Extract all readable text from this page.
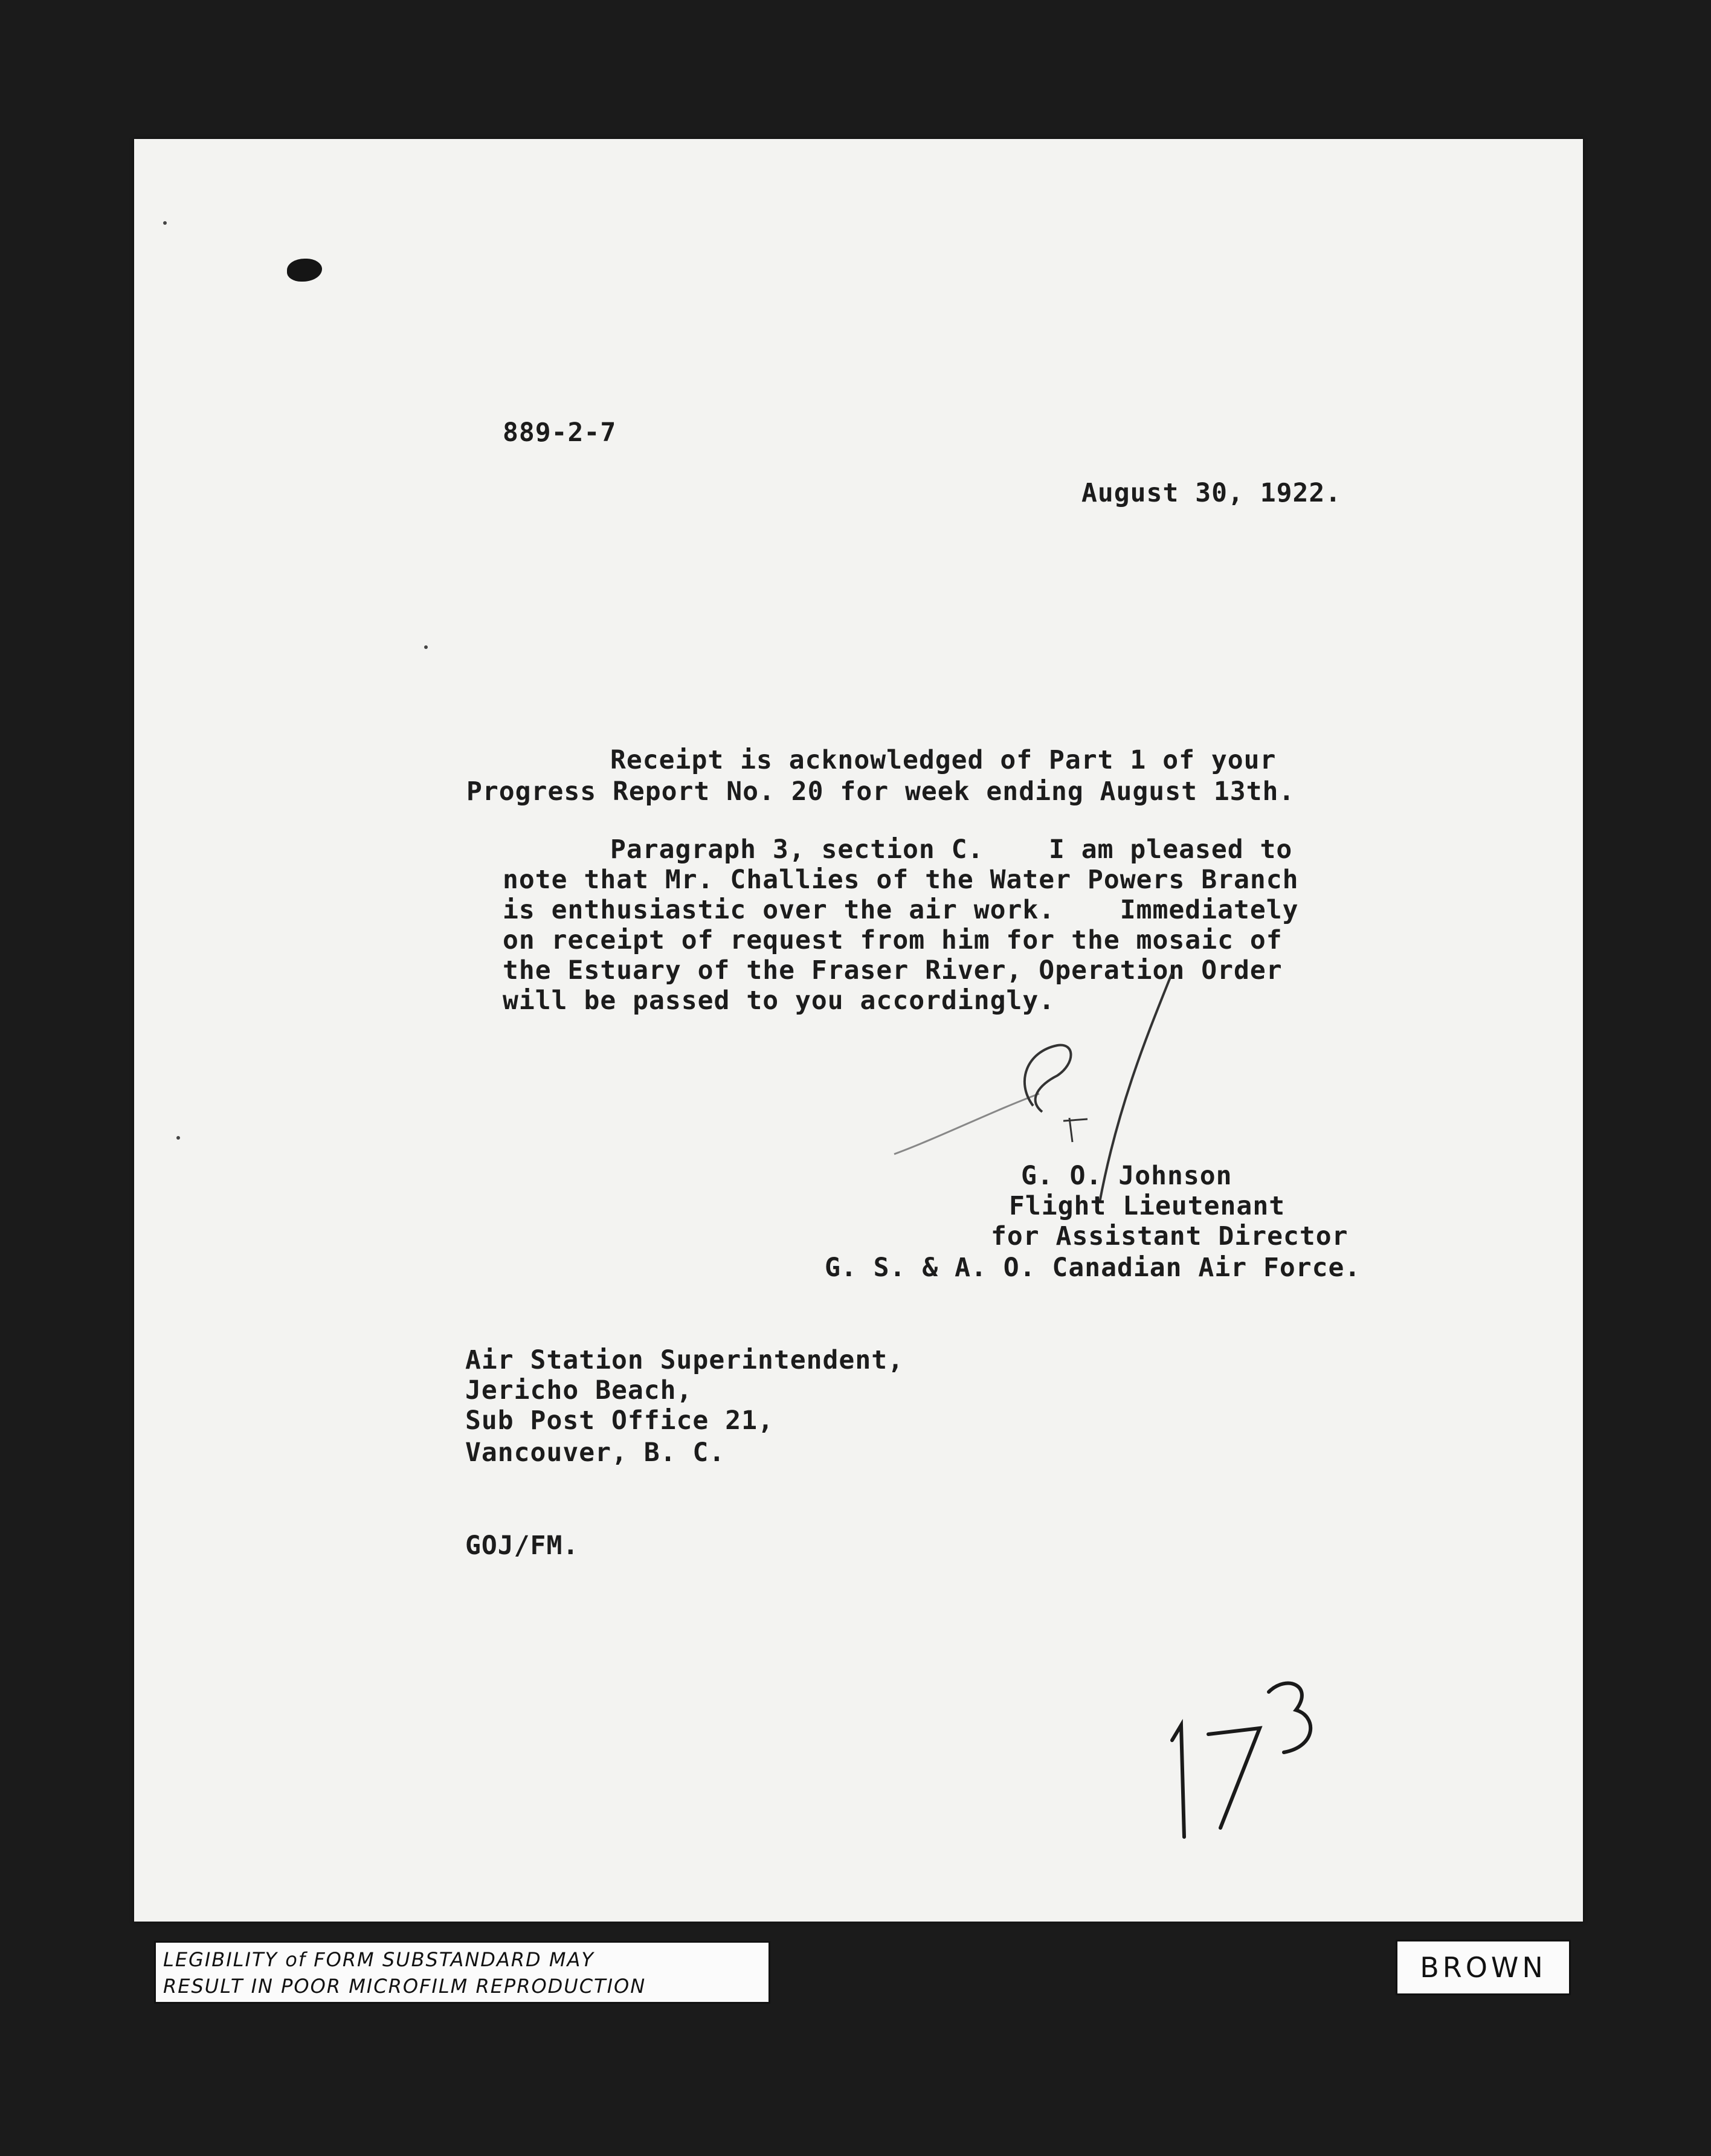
889-2-7
August 30, 1922.
Receipt is acknowledged of Part 1 of your
Progress Report No. 20 for week ending August 13th.
Paragraph 3, section C.    I am pleased to
note that Mr. Challies of the Water Powers Branch
is enthusiastic over the air work.    Immediately
on receipt of request from him for the mosaic of
the Estuary of the Fraser River, Operation Order
will be passed to you accordingly.
G. O. Johnson
Flight Lieutenant
for Assistant Director
G. S. & A. O. Canadian Air Force.
Air Station Superintendent,
Jericho Beach,
Sub Post Office 21,
Vancouver, B. C.
GOJ/FM.
LEGIBILITY of FORM SUBSTANDARD MAY
RESULT IN POOR MICROFILM REPRODUCTION
BROWN
